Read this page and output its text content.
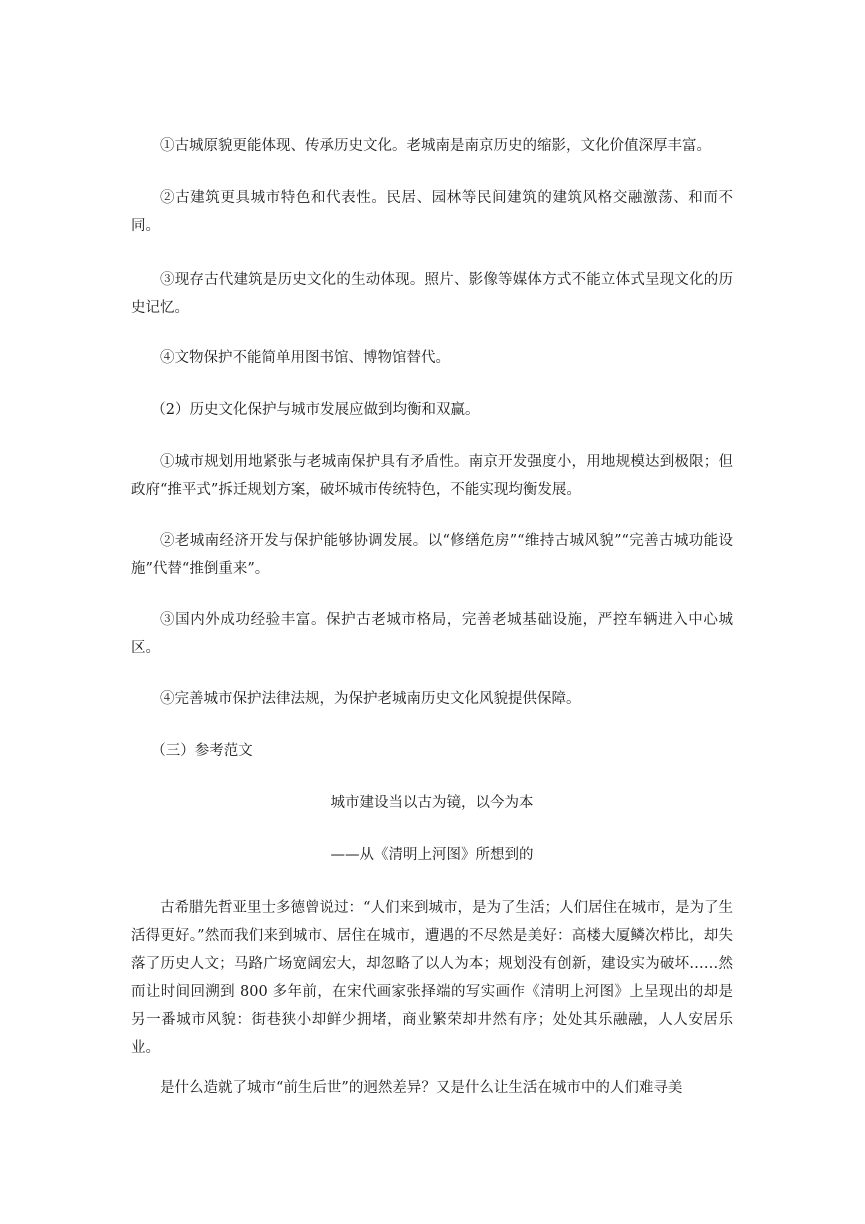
①古城原貌更能体现、传承历史文化。老城南是南京历史的缩影，文化价值深厚丰富。

②古建筑更具城市特色和代表性。民居、园林等民间建筑的建筑风格交融激荡、和而不同。

③现存古代建筑是历史文化的生动体现。照片、影像等媒体方式不能立体式呈现文化的历史记忆。

④文物保护不能简单用图书馆、博物馆替代。

（2）历史文化保护与城市发展应做到均衡和双赢。

①城市规划用地紧张与老城南保护具有矛盾性。南京开发强度小，用地规模达到极限；但政府“推平式”拆迁规划方案，破坏城市传统特色，不能实现均衡发展。

②老城南经济开发与保护能够协调发展。以“修缮危房”“维持古城风貌”“完善古城功能设施”代替“推倒重来”。

③国内外成功经验丰富。保护古老城市格局，完善老城基础设施，严控车辆进入中心城区。

④完善城市保护法律法规，为保护老城南历史文化风貌提供保障。

（三）参考范文

城市建设当以古为镜，以今为本

——从《清明上河图》所想到的

古希腊先哲亚里士多德曾说过：“人们来到城市，是为了生活；人们居住在城市，是为了生活得更好。”然而我们来到城市、居住在城市，遭遇的不尽然是美好：高楼大厦鳞次栉比，却失落了历史人文；马路广场宽阔宏大，却忽略了以人为本；规划没有创新，建设实为破坏……然而让时间回溯到 800 多年前，在宋代画家张择端的写实画作《清明上河图》上呈现出的却是另一番城市风貌：街巷狭小却鲜少拥堵，商业繁荣却井然有序；处处其乐融融，人人安居乐业。

是什么造就了城市“前生后世”的迥然差异？又是什么让生活在城市中的人们难寻美
